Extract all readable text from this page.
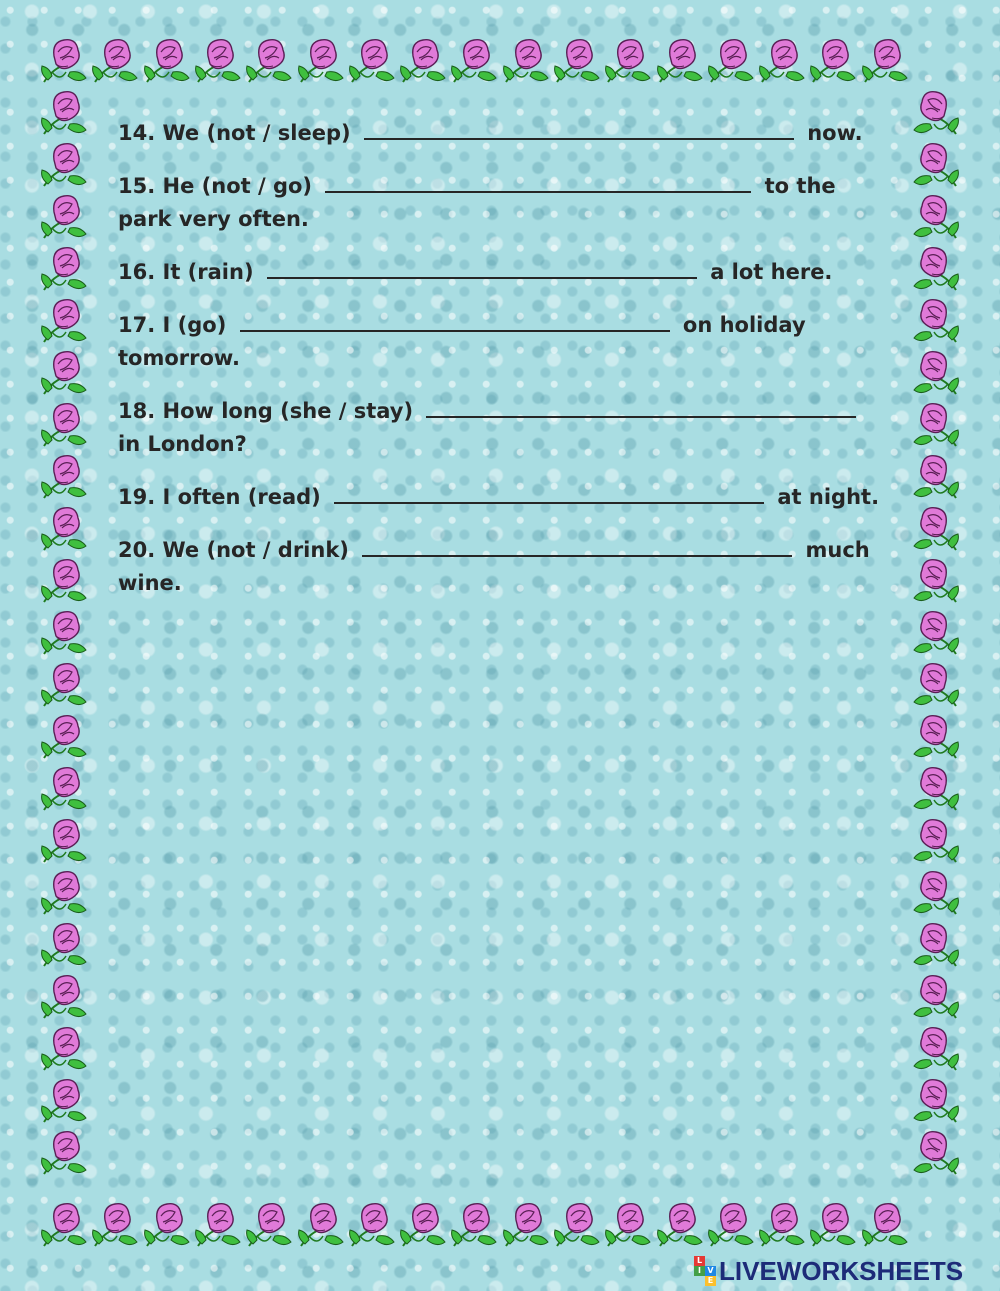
14. We (not / sleep)	now.
15. He (not / go)	to the park very often.
16. It (rain)	a lot here.
17. I (go)	on holiday tomorrow.
18. How long (she / stay)  in London?
19. I often (read)	at night.
20. We (not / drink)	much wine.
L
I V
E LIVEWORKSHEETS
